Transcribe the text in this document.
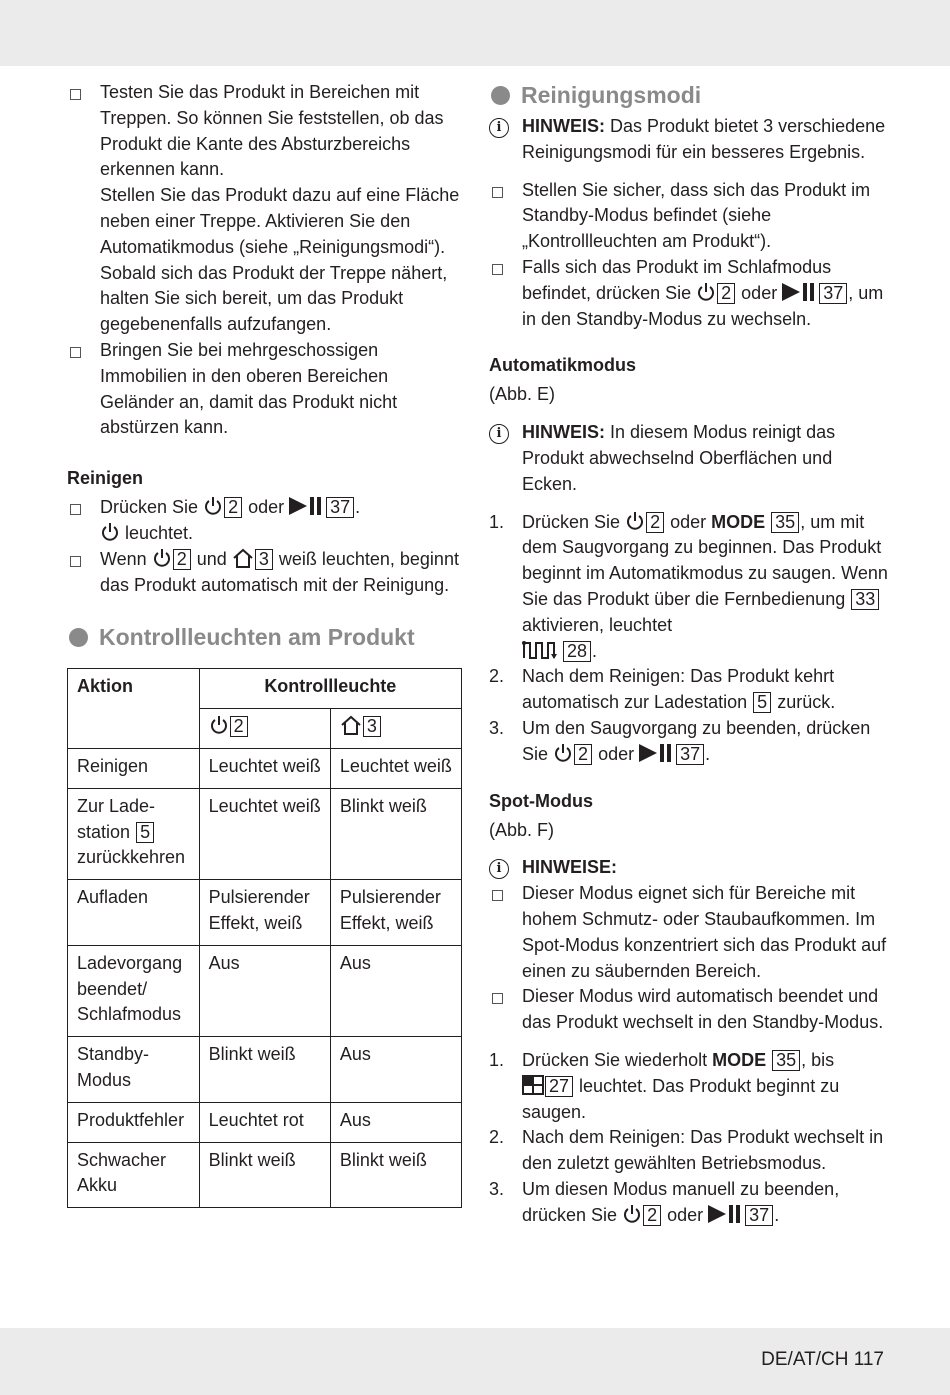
Testen Sie das Produkt in Bereichen mit Treppen. So können Sie feststellen, ob das Produkt die Kante des Absturzbereichs erkennen kann.
Stellen Sie das Produkt dazu auf eine Fläche neben einer Treppe. Aktivieren Sie den Automatikmodus (siehe „Reinigungsmodi“). Sobald sich das Produkt der Treppe nähert, halten Sie sich bereit, um das Produkt gegebenenfalls aufzufangen.
Bringen Sie bei mehrgeschossigen Immobilien in den oberen Bereichen Geländer an, damit das Produkt nicht abstürzen kann.
Reinigen
Drücken Sie 2 oder	37 .
leuchtet.
Wenn 2 und 3 weiß leuchten, beginnt das Produkt automatisch mit der Reinigung.
Kontrollleuchten am Produkt
Aktion	Kontrollleuchte	
	2	3
Reinigen	Leuchtet weiß	Leuchtet weiß
Zur Lade-
station 5
zurückkehren	Leuchtet weiß	Blinkt weiß
Aufladen	Pulsierender Effekt, weiß	Pulsierender Effekt, weiß
Ladevorgang beendet/ Schlafmodus	Aus	Aus
Standby-Modus	Blinkt weiß	Aus
Produktfehler	Leuchtet rot	Aus
Schwacher Akku	Blinkt weiß	Blinkt weiß
Reinigungsmodi
i	HINWEIS: Das Produkt bietet 3 verschiedene Reinigungsmodi für ein besseres Ergebnis.
Stellen Sie sicher, dass sich das Produkt im Standby-Modus befindet (siehe „Kontrollleuchten am Produkt“).
Falls sich das Produkt im Schlafmodus befindet, drücken Sie 2 oder	37 , um in den Standby-Modus zu wechseln.
Automatikmodus
(Abb. E)
i	HINWEIS: In diesem Modus reinigt das Produkt abwechselnd Oberflächen und Ecken.
1. Drücken Sie 2 oder MODE 35 , um mit dem Saugvorgang zu beginnen. Das Produkt beginnt im Automatikmodus zu saugen. Wenn Sie das Produkt über die Fernbedienung 33 aktivieren, leuchtet
28 .
2. Nach dem Reinigen: Das Produkt kehrt automatisch zur Ladestation 5 zurück.
3. Um den Saugvorgang zu beenden, drücken Sie 2 oder	37 .
Spot-Modus
(Abb. F)
i	HINWEISE:
Dieser Modus eignet sich für Bereiche mit hohem Schmutz- oder Staubaufkommen. Im Spot-Modus konzentriert sich das Produkt auf einen zu säubernden Bereich.
Dieser Modus wird automatisch beendet und das Produkt wechselt in den Standby-Modus.
1. Drücken Sie wiederholt MODE 35 , bis
27 leuchtet. Das Produkt beginnt zu saugen.
2. Nach dem Reinigen: Das Produkt wechselt in den zuletzt gewählten Betriebsmodus.
3. Um diesen Modus manuell zu beenden, drücken Sie 2 oder	37 .
DE/AT/CH 117
